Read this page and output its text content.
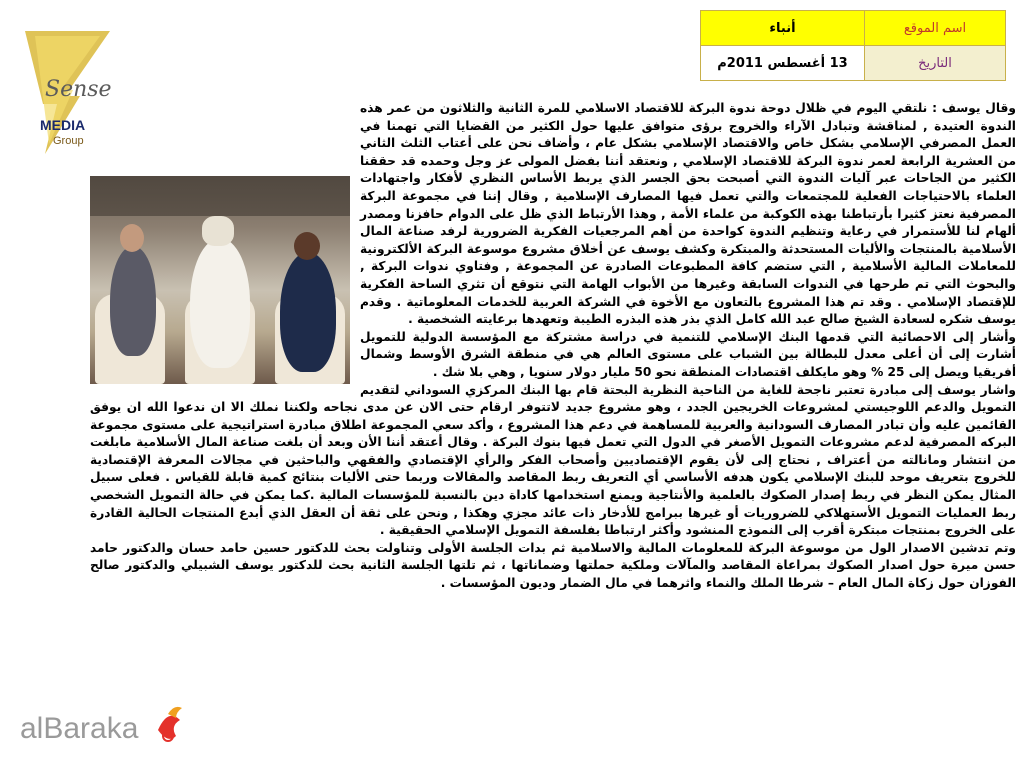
اسم الموقع	أنباء
التاريخ	13 أغسطس 2011م
Sense
MEDIA
Group

وقال يوسف : نلتقي اليوم في ظلال دوحة ندوة البركة للاقتصاد الاسلامي للمرة الثانية والثلاثون من عمر هذه الندوة العتيدة , لمناقشة وتبادل الآراء والخروج برؤى متوافق عليها حول الكثير من القضايا التي تهمنا في العمل المصرفي الإسلامي بشكل خاص والاقتصاد الإسلامي بشكل عام ، وأضاف نحن على أعتاب الثلث الثاني من العشرية الرابعة لعمر ندوة البركة للاقتصاد الإسلامي , ونعتقد أننا بفضل المولى عز وجل وحمده قد حققنا الكثير من الجاحات عبر آليات الندوة التي أصبحت بحق الجسر الذي يربط الأساس النظري لأفكار واجتهادات العلماء بالاحتياجات الفعلية للمجتمعات والتي تعمل فيها المصارف الإسلامية , وقال إننا في مجموعة البركة المصرفية نعتز كثيرا بأرتباطنا بهذه الكوكبة من علماء الأمة , وهذا الأرتباط الذي ظل على الدوام حافزنا ومصدر ألهام لنا للأستمرار في رعاية وتنظيم الندوة كواحدة من أهم المرجعيات الفكرية الضرورية لرفد صناعة المال الأسلامية بالمنتجات والأليات المستحدثة والمبتكرة وكشف يوسف عن أخلاق مشروع موسوعة البركة الألكترونية للمعاملات المالية الأسلامية , التي ستضم كافة المطبوعات الصادرة عن المجموعة , وفتاوي ندوات البركة , والبحوث التي تم طرحها في الندوات السابقة وغيرها من الأبواب الهامة التي نتوقع أن تثري الساحة الفكرية للإقتصاد الإسلامي . وقد تم هذا المشروع بالتعاون مع الأخوة في الشركة العربية للخدمات المعلوماتية . وقدم يوسف شكره لسعادة الشيخ صالح عبد الله كامل الذي بذر هذه البذره الطيبة وتعهدها برعايته الشخصية .

وأشار إلى الاحصائية التي قدمها البنك الإسلامي للتنمية في دراسة مشتركة مع المؤسسة الدولية للتمويل أشارت إلى أن أعلى معدل للبطالة بين الشباب على مستوى العالم هي في منطقة الشرق الأوسط وشمال أفريقيا ويصل إلى 25 % وهو مايكلف اقتصادات المنطقة نحو 50 مليار دولار سنويا , وهي بلا شك .

واشار يوسف إلى مبادرة تعتبر ناجحة للغاية من الناحية النظرية البحتة قام بها البنك المركزي السوداني لتقديم التمويل والدعم اللوجيستي لمشروعات الخريجين الجدد ، وهو مشروع جديد لاتتوفر ارقام حتى الان عن مدى نجاحه ولكننا نملك الا ان ندعوا الله ان يوفق القائمين عليه وأن تبادر المصارف السودانية والعربية للمساهمة في دعم هذا المشروع ، وأكد سعي المجموعة اطلاق مبادرة استراتيجية على مستوى مجموعة البركه المصرفية لدعم مشروعات التمويل الأصغر في الدول التي تعمل فيها بنوك البركة . وقال أعتقد أننا الأن وبعد أن بلغت صناعة المال الأسلامية مابلغت من انتشار ومانالته من أعتراف , نحتاج إلى لأن يقوم الإقتصاديين وأصحاب الفكر والرأي الإقتصادي والفقهي والباحثين في مجالات المعرفة الإقتصادية للخروج بتعريف موحد للبنك الإسلامي يكون هدفه الأساسي أي التعريف ربط المقاصد والمقالات وربما حتى الأليات بنتائج كمية قابلة للقياس . فعلى سبيل المثال يمكن النظر في ربط إصدار الصكوك بالعلمية والأنتاجية ويمنع استخدامها كاداة دين بالنسبة للمؤسسات المالية .كما يمكن في حالة التمويل الشخصي ربط العمليات التمويل الأستهلاكي للضروريات أو غيرها ببرامج للأدخار ذات عائد مجزي وهكذا , ونحن على ثقة أن العقل الذي أبدع المنتجات الحالية القادرة على الخروج بمنتجات مبتكرة أقرب إلى النموذج المنشود وأكثر ارتباطا بفلسفة التمويل الإسلامي الحقيقية .

وتم تدشين الاصدار الول من موسوعة البركة للمعلومات المالية والاسلامية ثم بدات الجلسة الأولى وتناولت بحث للدكتور حسين حامد حسان والدكتور حامد حسن ميرة حول اصدار الصكوك بمراعاة المقاصد والمآلات وملكية حملتها وضماناتها ، ثم تلتها الجلسة الثانية بحث للدكتور يوسف الشبيلي والدكتور صالح الفوزان حول زكاة المال العام – شرطا الملك والنماء واثرهما في مال الضمار وديون المؤسسات .

alBaraka
